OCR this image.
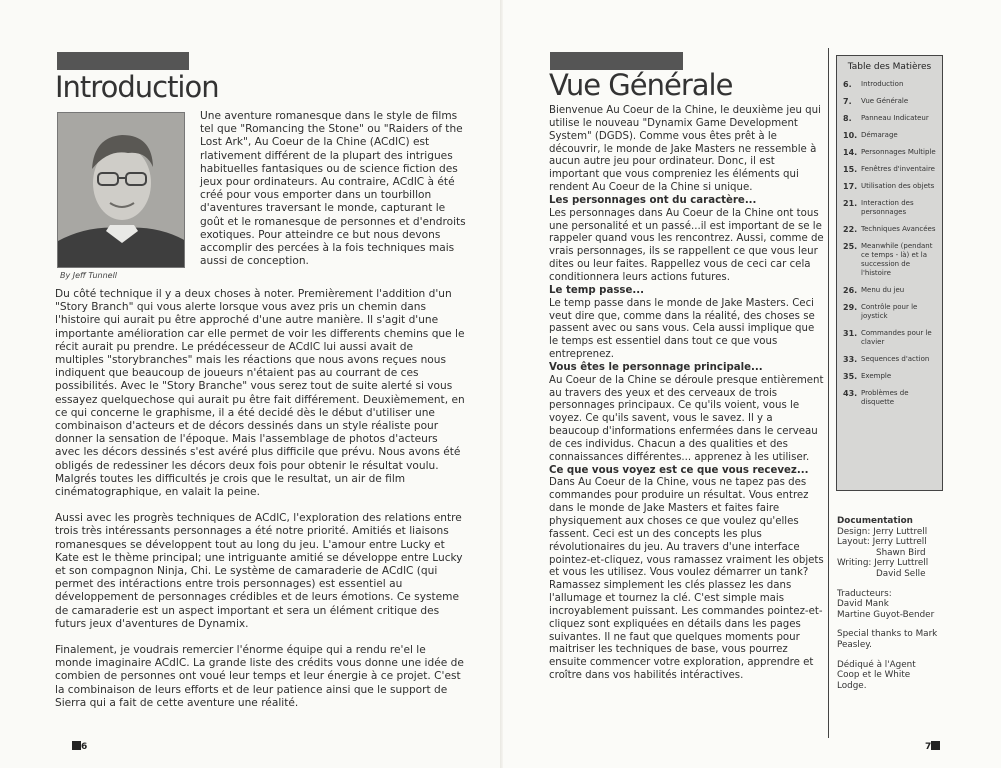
Introduction
By Jeff Tunnell

Une aventure romanesque dans le style de films tel que "Romancing the Stone" ou "Raiders of the Lost Ark", Au Coeur de la Chine (ACdlC) est rlativement différent de la plupart des intrigues habituelles fantasiques ou de science fiction des jeux pour ordinateurs. Au contraire, ACdlC à été créé pour vous emporter dans un tourbillon d'aventures traversant le monde, capturant le goût et le romanesque de personnes et d'endroits exotiques. Pour atteindre ce but nous devons accomplir des percées à la fois techniques mais aussi de conception.

Du côté technique il y a deux choses à noter. Premièrement l'addition d'un "Story Branch" qui vous alerte lorsque vous avez pris un chemin dans l'histoire qui aurait pu être approché d'une autre manière. Il s'agit d'une importante amélioration car elle permet de voir les differents chemins que le récit aurait pu prendre. Le prédécesseur de ACdlC lui aussi avait de multiples "storybranches" mais les réactions que nous avons reçues nous indiquent que beaucoup de joueurs n'étaient pas au courrant de ces possibilités. Avec le "Story Branche" vous serez tout de suite alerté si vous essayez quelquechose qui aurait pu être fait différement. Deuxièmement, en ce qui concerne le graphisme, il a été decidé dès le début d'utiliser une combinaison d'acteurs et de décors dessinés dans un style réaliste pour donner la sensation de l'époque. Mais l'assemblage de photos d'acteurs avec les décors dessinés s'est avéré plus difficile que prévu. Nous avons été obligés de redessiner les décors deux fois pour obtenir le résultat voulu. Malgrés toutes les difficultés je crois que le resultat, un air de film cinématographique, en valait la peine.

Aussi avec les progrès techniques de ACdlC, l'exploration des relations entre trois très intéressants personnages a été notre priorité. Amitiés et liaisons romanesques se développent tout au long du jeu. L'amour entre Lucky et Kate est le thème principal; une intriguante amitié se développe entre Lucky et son compagnon Ninja, Chi. Le système de camaraderie de ACdlC (qui permet des intéractions entre trois personnages) est essentiel au développement de personnages crédibles et de leurs émotions. Ce systeme de camaraderie est un aspect important et sera un élément critique des futurs jeux d'aventures de Dynamix.

Finalement, je voudrais remercier l'énorme équipe qui a rendu re'el le monde imaginaire ACdlC. La grande liste des crédits vous donne une idée de combien de personnes ont voué leur temps et leur énergie à ce projet. C'est la combinaison de leurs efforts et de leur patience ainsi que le support de Sierra qui a fait de cette aventure une réalité.

6
Vue Générale

Bienvenue Au Coeur de la Chine, le deuxième jeu qui utilise le nouveau "Dynamix Game Development System" (DGDS). Comme vous êtes prêt à le découvrir, le monde de Jake Masters ne ressemble à aucun autre jeu pour ordinateur. Donc, il est important que vous compreniez les éléments qui rendent Au Coeur de la Chine si unique.

Les personnages ont du caractère...

Les personnages dans Au Coeur de la Chine ont tous une personalité et un passé...il est important de se le rappeler quand vous les rencontrez. Aussi, comme de vrais personnages, ils se rappellent ce que vous leur dites ou leur faites. Rappellez vous de ceci car cela conditionnera leurs actions futures.

Le temp passe...

Le temp passe dans le monde de Jake Masters. Ceci veut dire que, comme dans la réalité, des choses se passent avec ou sans vous. Cela aussi implique que le temps est essentiel dans tout ce que vous entreprenez.

Vous êtes le personnage principale...

Au Coeur de la Chine se déroule presque entièrement au travers des yeux et des cerveaux de trois personnages principaux. Ce qu'ils voient, vous le voyez. Ce qu'ils savent, vous le savez. Il y a beaucoup d'informations enfermées dans le cerveau de ces individus. Chacun a des qualities et des connaissances différentes... apprenez à les utiliser.

Ce que vous voyez est ce que vous recevez...

Dans Au Coeur de la Chine, vous ne tapez pas des commandes pour produire un résultat. Vous entrez dans le monde de Jake Masters et faites faire physiquement aux choses ce que voulez qu'elles fassent. Ceci est un des concepts les plus révolutionaires du jeu. Au travers d'une interface pointez-et-cliquez, vous ramassez vraiment les objets et vous les utilisez. Vous voulez démarrer un tank? Ramassez simplement les clés plassez les dans l'allumage et tournez la clé. C'est simple mais incroyablement puissant. Les commandes pointez-et-cliquez sont expliquées en détails dans les pages suivantes. Il ne faut que quelques moments pour maitriser les techniques de base, vous pourrez ensuite commencer votre exploration, apprendre et croître dans vos habilités intéractives.

Table des Matières
6.	Introduction
7.	Vue Générale
8.	Panneau Indicateur
10. Démarage
14. Personnages Multiple
15. Fenêtres d'inventaire
17. Utilisation des objets
21. Interaction des personnages
22. Techniques Avancées
25. Meanwhile (pendant ce temps - là) et la succession de l'histoire
26. Menu du jeu
29. Contrôle pour le joystick
31. Commandes pour le clavier
33. Sequences d'action
35. Exemple
43. Problèmes de disquette
Documentation
Design: Jerry Luttrell
Layout: Jerry Luttrell
Shawn Bird
Writing: Jerry Luttrell
David Selle
Traducteurs:
David Mank
Martine Guyot-Bender
Special thanks to Mark Peasley.
Dédiqué à l'Agent Coop et le White Lodge.
7
